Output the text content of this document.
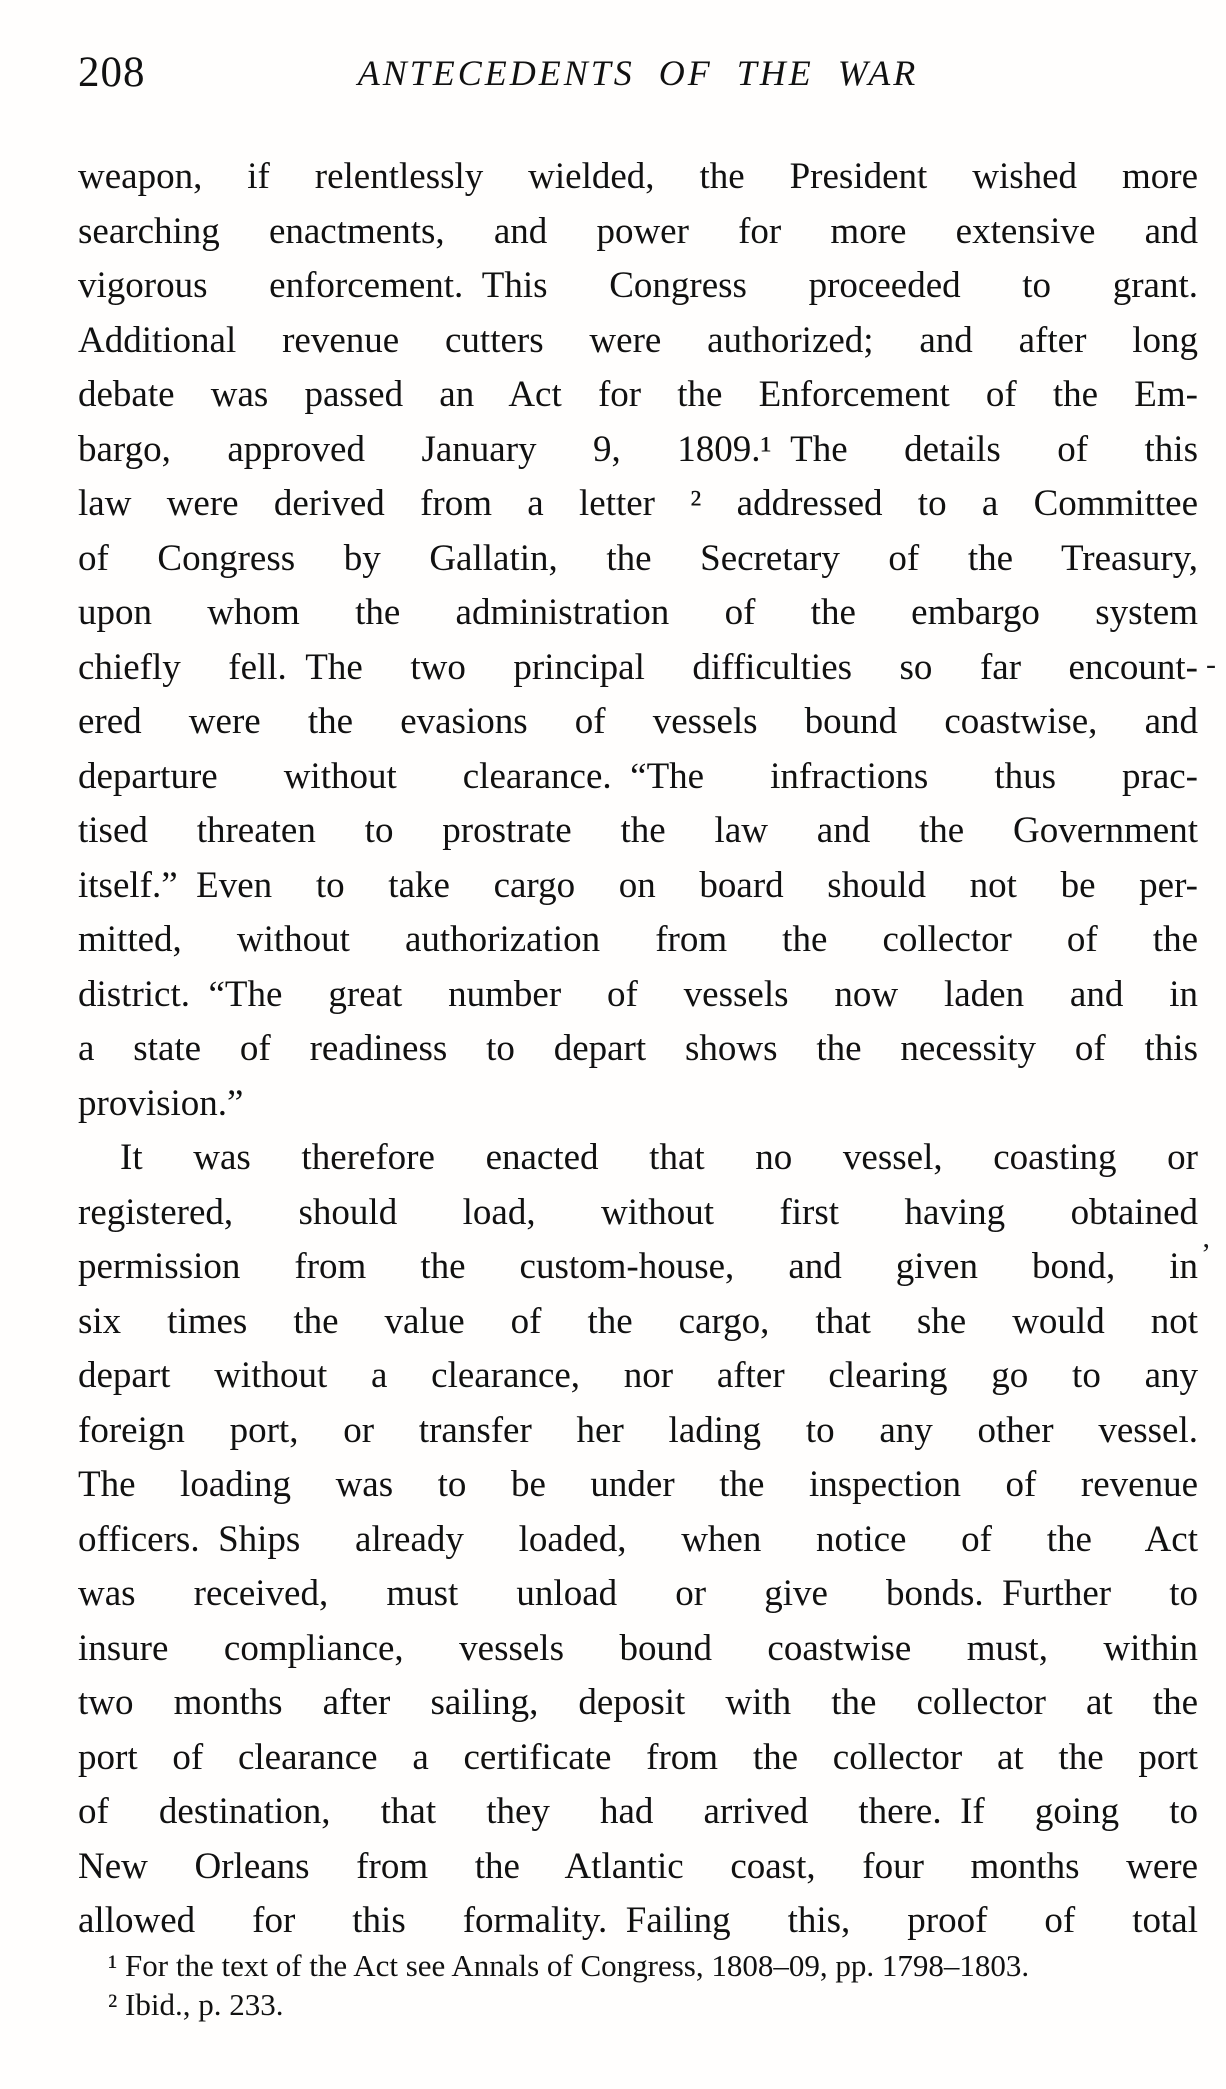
208	ANTECEDENTS OF THE WAR
weapon, if relentlessly wielded, the President wished more
searching enactments, and power for more extensive and
vigorous enforcement. This Congress proceeded to grant.
Additional revenue cutters were authorized; and after long
debate was passed an Act for the Enforcement of the Em-
bargo, approved January 9, 1809.¹ The details of this
law were derived from a letter ² addressed to a Committee
of Congress by Gallatin, the Secretary of the Treasury,
upon whom the administration of the embargo system
chiefly fell. The two principal difficulties so far encount-
ered were the evasions of vessels bound coastwise, and
departure without clearance. “The infractions thus prac-
tised threaten to prostrate the law and the Government
itself.” Even to take cargo on board should not be per-
mitted, without authorization from the collector of the
district. “The great number of vessels now laden and in
a state of readiness to depart shows the necessity of this
provision.”
It was therefore enacted that no vessel, coasting or
registered, should load, without first having obtained
permission from the custom-house, and given bond, in
six times the value of the cargo, that she would not
depart without a clearance, nor after clearing go to any
foreign port, or transfer her lading to any other vessel.
The loading was to be under the inspection of revenue
officers. Ships already loaded, when notice of the Act
was received, must unload or give bonds. Further to
insure compliance, vessels bound coastwise must, within
two months after sailing, deposit with the collector at the
port of clearance a certificate from the collector at the port
of destination, that they had arrived there. If going to
New Orleans from the Atlantic coast, four months were
allowed for this formality. Failing this, proof of total
¹ For the text of the Act see Annals of Congress, 1808–09, pp. 1798–1803.
² Ibid., p. 233.
-
ʼ
